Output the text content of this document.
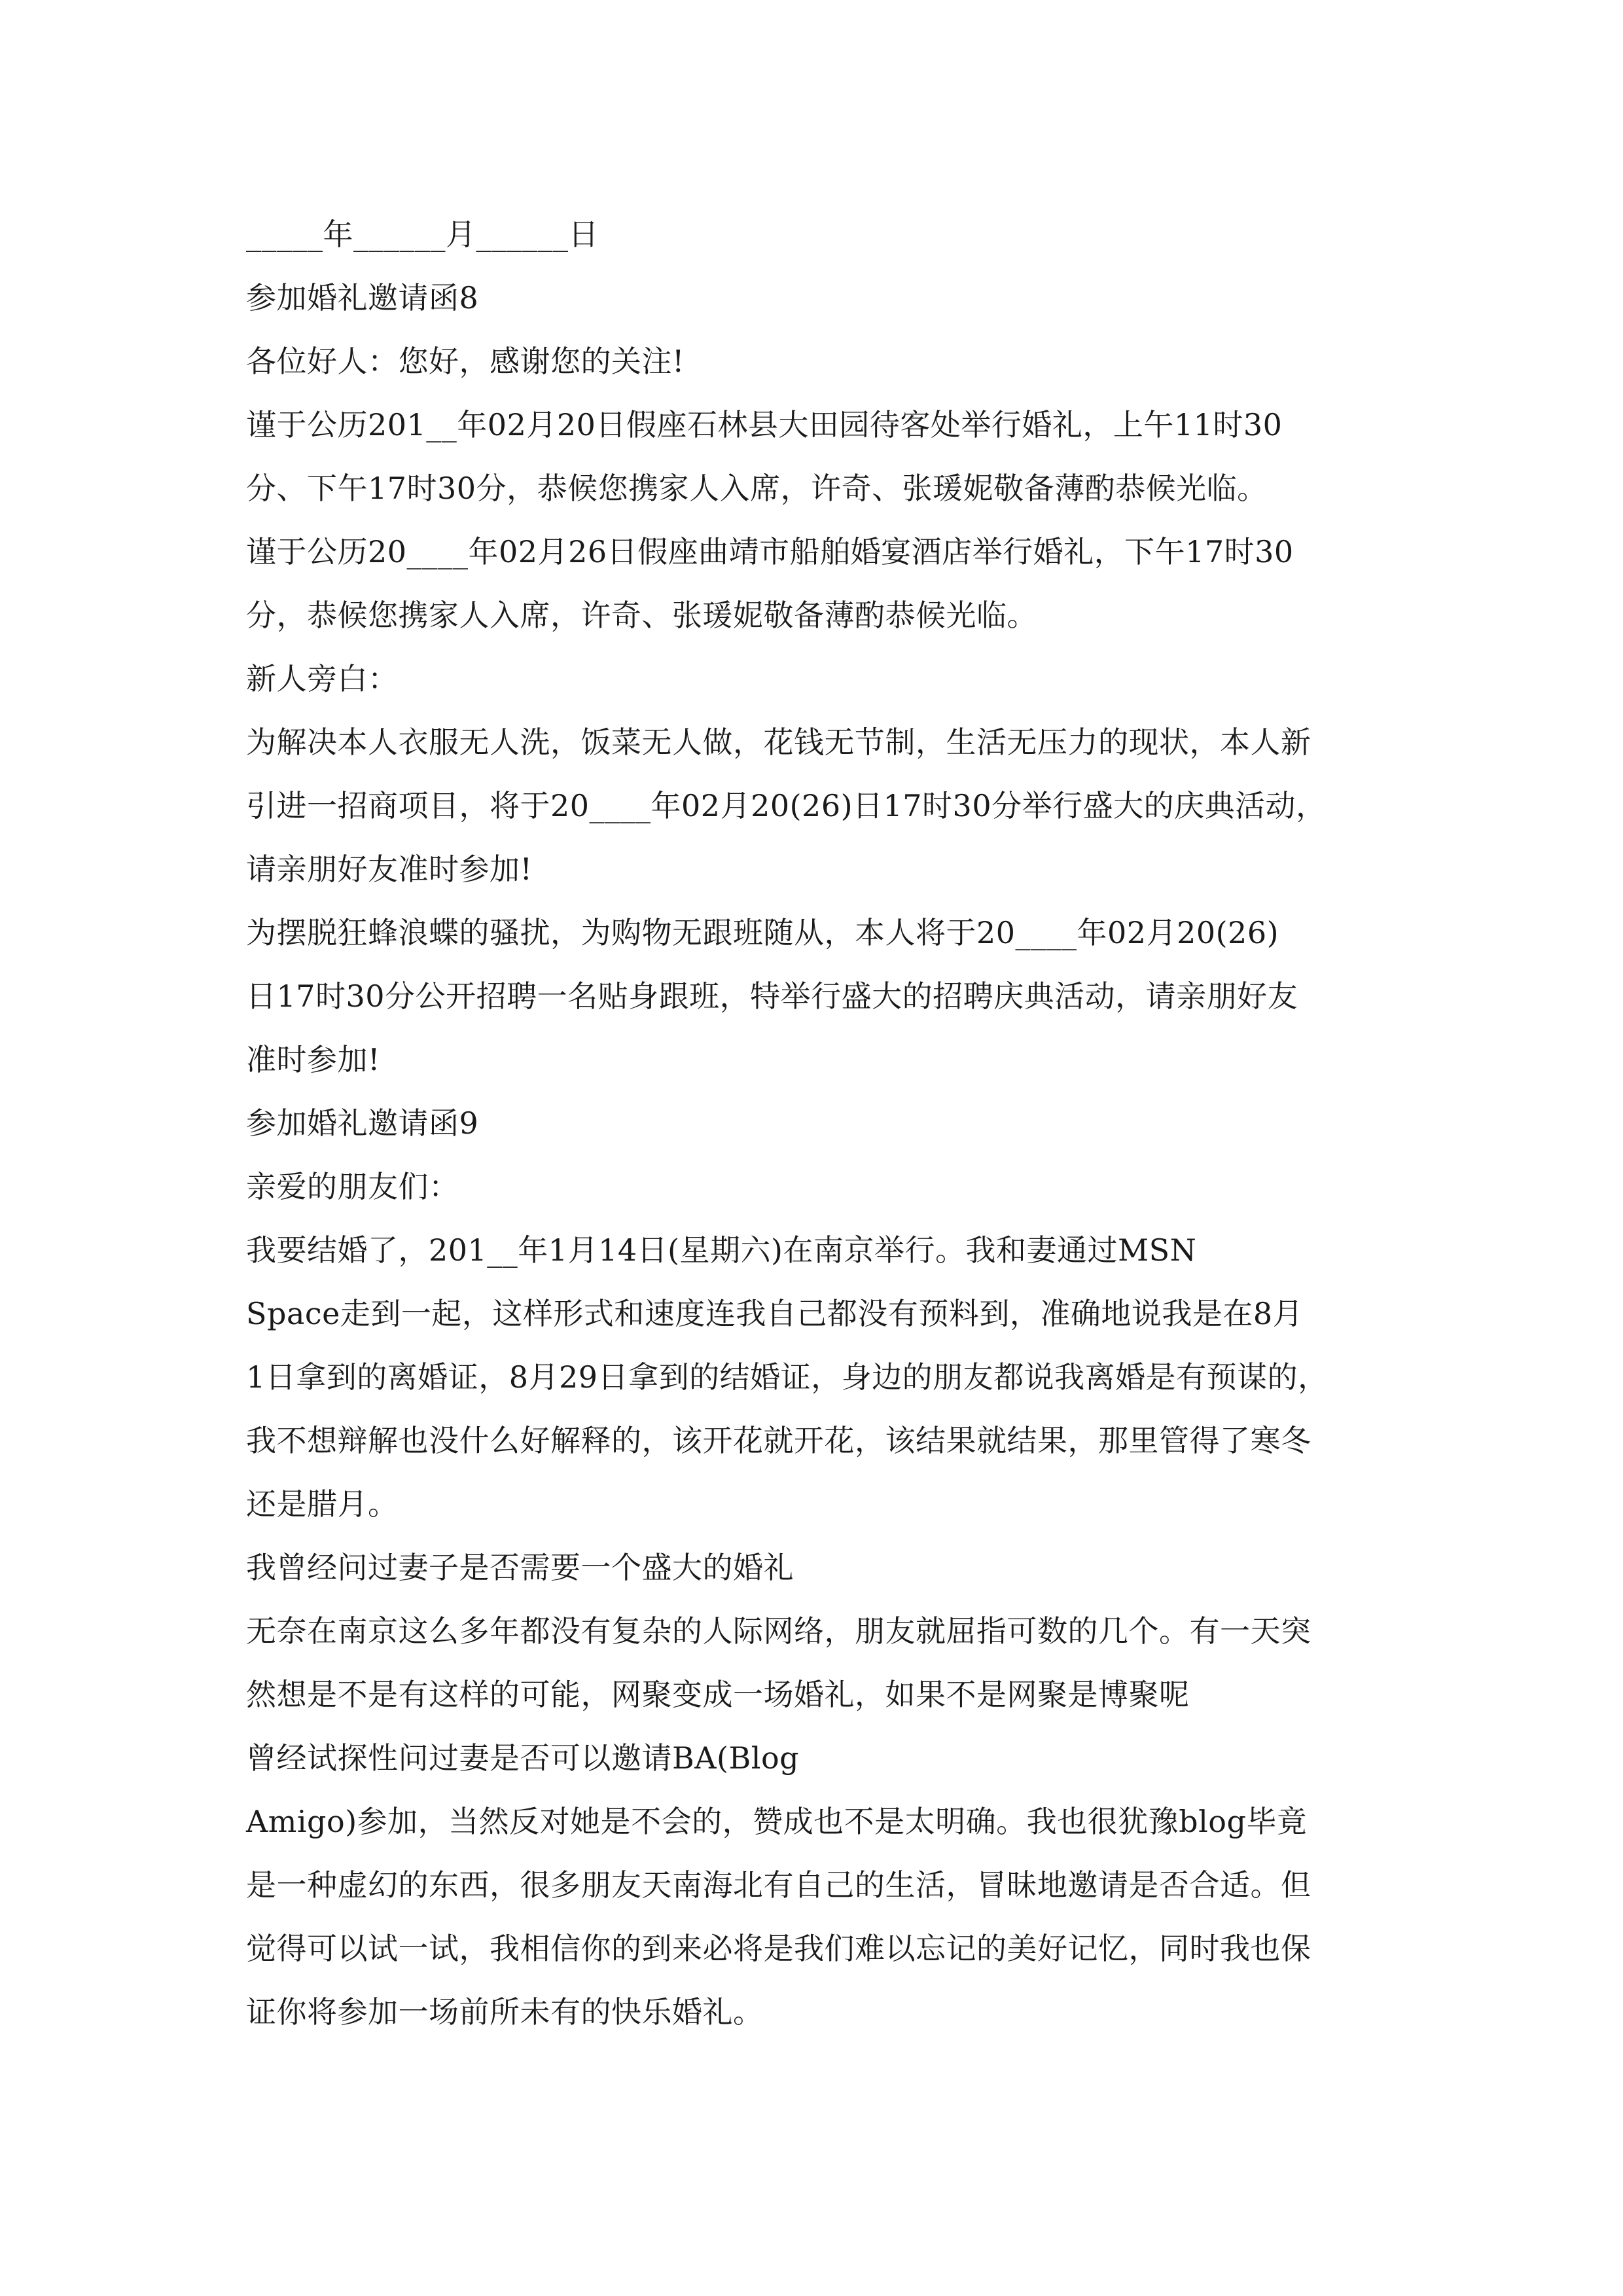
_____年______月______日
参加婚礼邀请函8
各位好人：您好，感谢您的关注!
谨于公历201__年02月20日假座石林县大田园待客处举行婚礼，上午11时30
分、下午17时30分，恭候您携家人入席，许奇、张瑗妮敬备薄酌恭候光临。
谨于公历20____年02月26日假座曲靖市船舶婚宴酒店举行婚礼，下午17时30
分，恭候您携家人入席，许奇、张瑗妮敬备薄酌恭候光临。
新人旁白：
为解决本人衣服无人洗，饭菜无人做，花钱无节制，生活无压力的现状，本人新
引进一招商项目，将于20____年02月20(26)日17时30分举行盛大的庆典活动，
请亲朋好友准时参加!
为摆脱狂蜂浪蝶的骚扰，为购物无跟班随从，本人将于20____年02月20(26)
日17时30分公开招聘一名贴身跟班，特举行盛大的招聘庆典活动，请亲朋好友
准时参加!
参加婚礼邀请函9
亲爱的朋友们：
我要结婚了，201__年1月14日(星期六)在南京举行。我和妻通过MSN
Space走到一起，这样形式和速度连我自己都没有预料到，准确地说我是在8月
1日拿到的离婚证，8月29日拿到的结婚证，身边的朋友都说我离婚是有预谋的，
我不想辩解也没什么好解释的，该开花就开花，该结果就结果，那里管得了寒冬
还是腊月。
我曾经问过妻子是否需要一个盛大的婚礼
无奈在南京这么多年都没有复杂的人际网络，朋友就屈指可数的几个。有一天突
然想是不是有这样的可能，网聚变成一场婚礼，如果不是网聚是博聚呢
曾经试探性问过妻是否可以邀请BA(Blog
Amigo)参加，当然反对她是不会的，赞成也不是太明确。我也很犹豫blog毕竟
是一种虚幻的东西，很多朋友天南海北有自己的生活，冒昧地邀请是否合适。但
觉得可以试一试，我相信你的到来必将是我们难以忘记的美好记忆，同时我也保
证你将参加一场前所未有的快乐婚礼。
